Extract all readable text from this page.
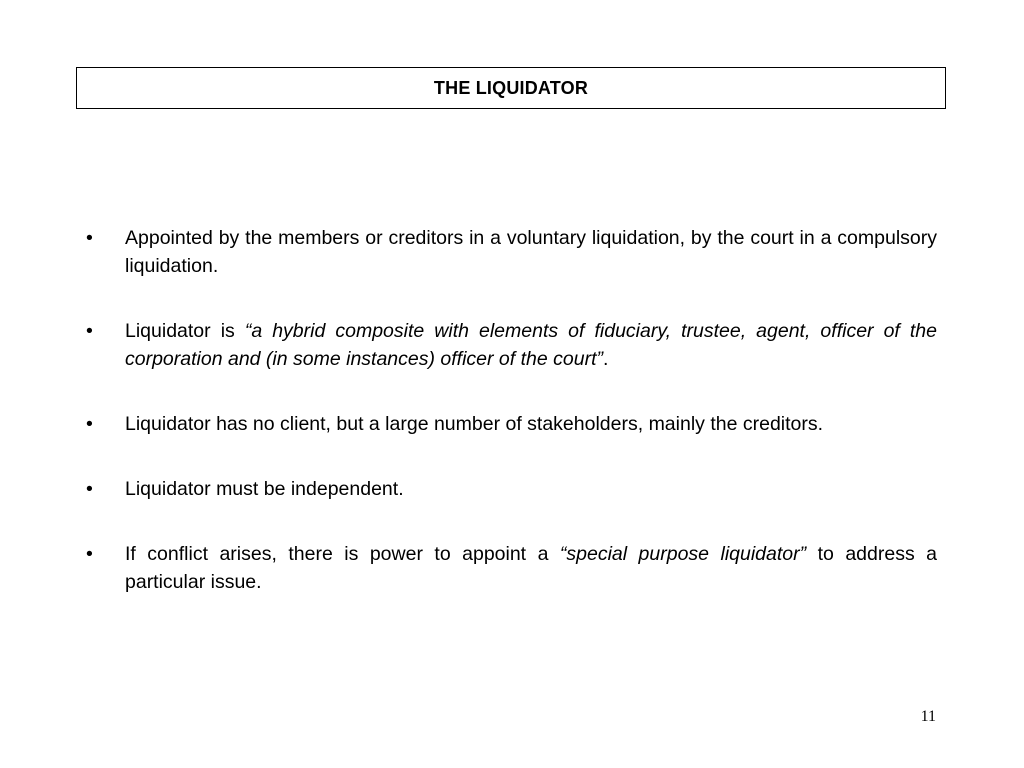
THE LIQUIDATOR
•	Appointed by the members or creditors in a voluntary liquidation, by the court in a compulsory liquidation.
•	Liquidator is “a hybrid composite with elements of fiduciary, trustee, agent, officer of the corporation and (in some instances) officer of the court”.
•	Liquidator has no client, but a large number of stakeholders, mainly the creditors.
•	Liquidator must be independent.
•	If conflict arises, there is power to appoint a “special purpose liquidator” to address a particular issue.
11
